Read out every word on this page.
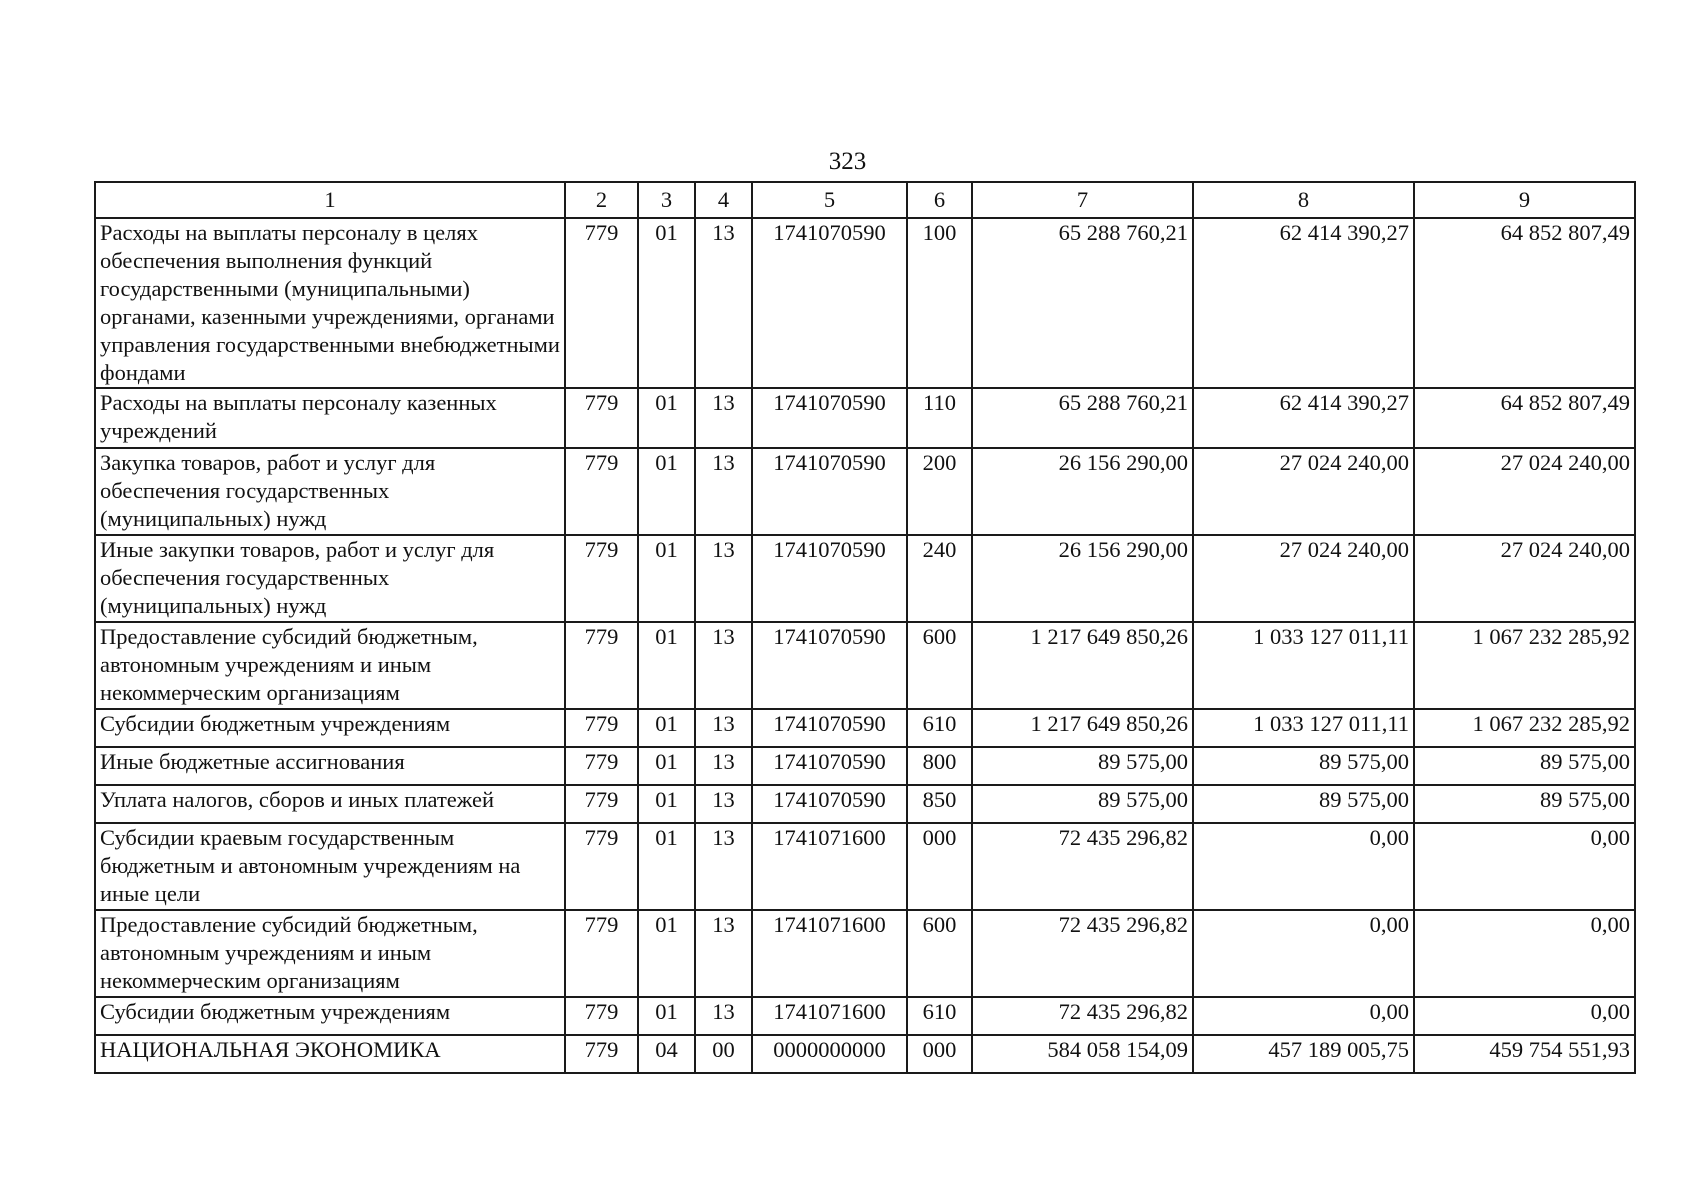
323
1	2	3	4	5	6	7	8	9
Расходы на выплаты персоналу в целях обеспечения выполнения функций государственными (муниципальными) органами, казенными учреждениями, органами управления государственными внебюджетными фондами	779	01	13	1741070590	100	65 288 760,21	62 414 390,27	64 852 807,49
Расходы на выплаты персоналу казенных учреждений	779	01	13	1741070590	110	65 288 760,21	62 414 390,27	64 852 807,49
Закупка товаров, работ и услуг для обеспечения государственных (муниципальных) нужд	779	01	13	1741070590	200	26 156 290,00	27 024 240,00	27 024 240,00
Иные закупки товаров, работ и услуг для обеспечения государственных (муниципальных) нужд	779	01	13	1741070590	240	26 156 290,00	27 024 240,00	27 024 240,00
Предоставление субсидий бюджетным, автономным учреждениям и иным некоммерческим организациям	779	01	13	1741070590	600	1 217 649 850,26	1 033 127 011,11	1 067 232 285,92
Субсидии бюджетным учреждениям	779	01	13	1741070590	610	1 217 649 850,26	1 033 127 011,11	1 067 232 285,92
Иные бюджетные ассигнования	779	01	13	1741070590	800	89 575,00	89 575,00	89 575,00
Уплата налогов, сборов и иных платежей	779	01	13	1741070590	850	89 575,00	89 575,00	89 575,00
Субсидии краевым государственным бюджетным и автономным учреждениям на иные цели	779	01	13	1741071600	000	72 435 296,82	0,00	0,00
Предоставление субсидий бюджетным, автономным учреждениям и иным некоммерческим организациям	779	01	13	1741071600	600	72 435 296,82	0,00	0,00
Субсидии бюджетным учреждениям	779	01	13	1741071600	610	72 435 296,82	0,00	0,00
НАЦИОНАЛЬНАЯ ЭКОНОМИКА	779	04	00	0000000000	000	584 058 154,09	457 189 005,75	459 754 551,93
